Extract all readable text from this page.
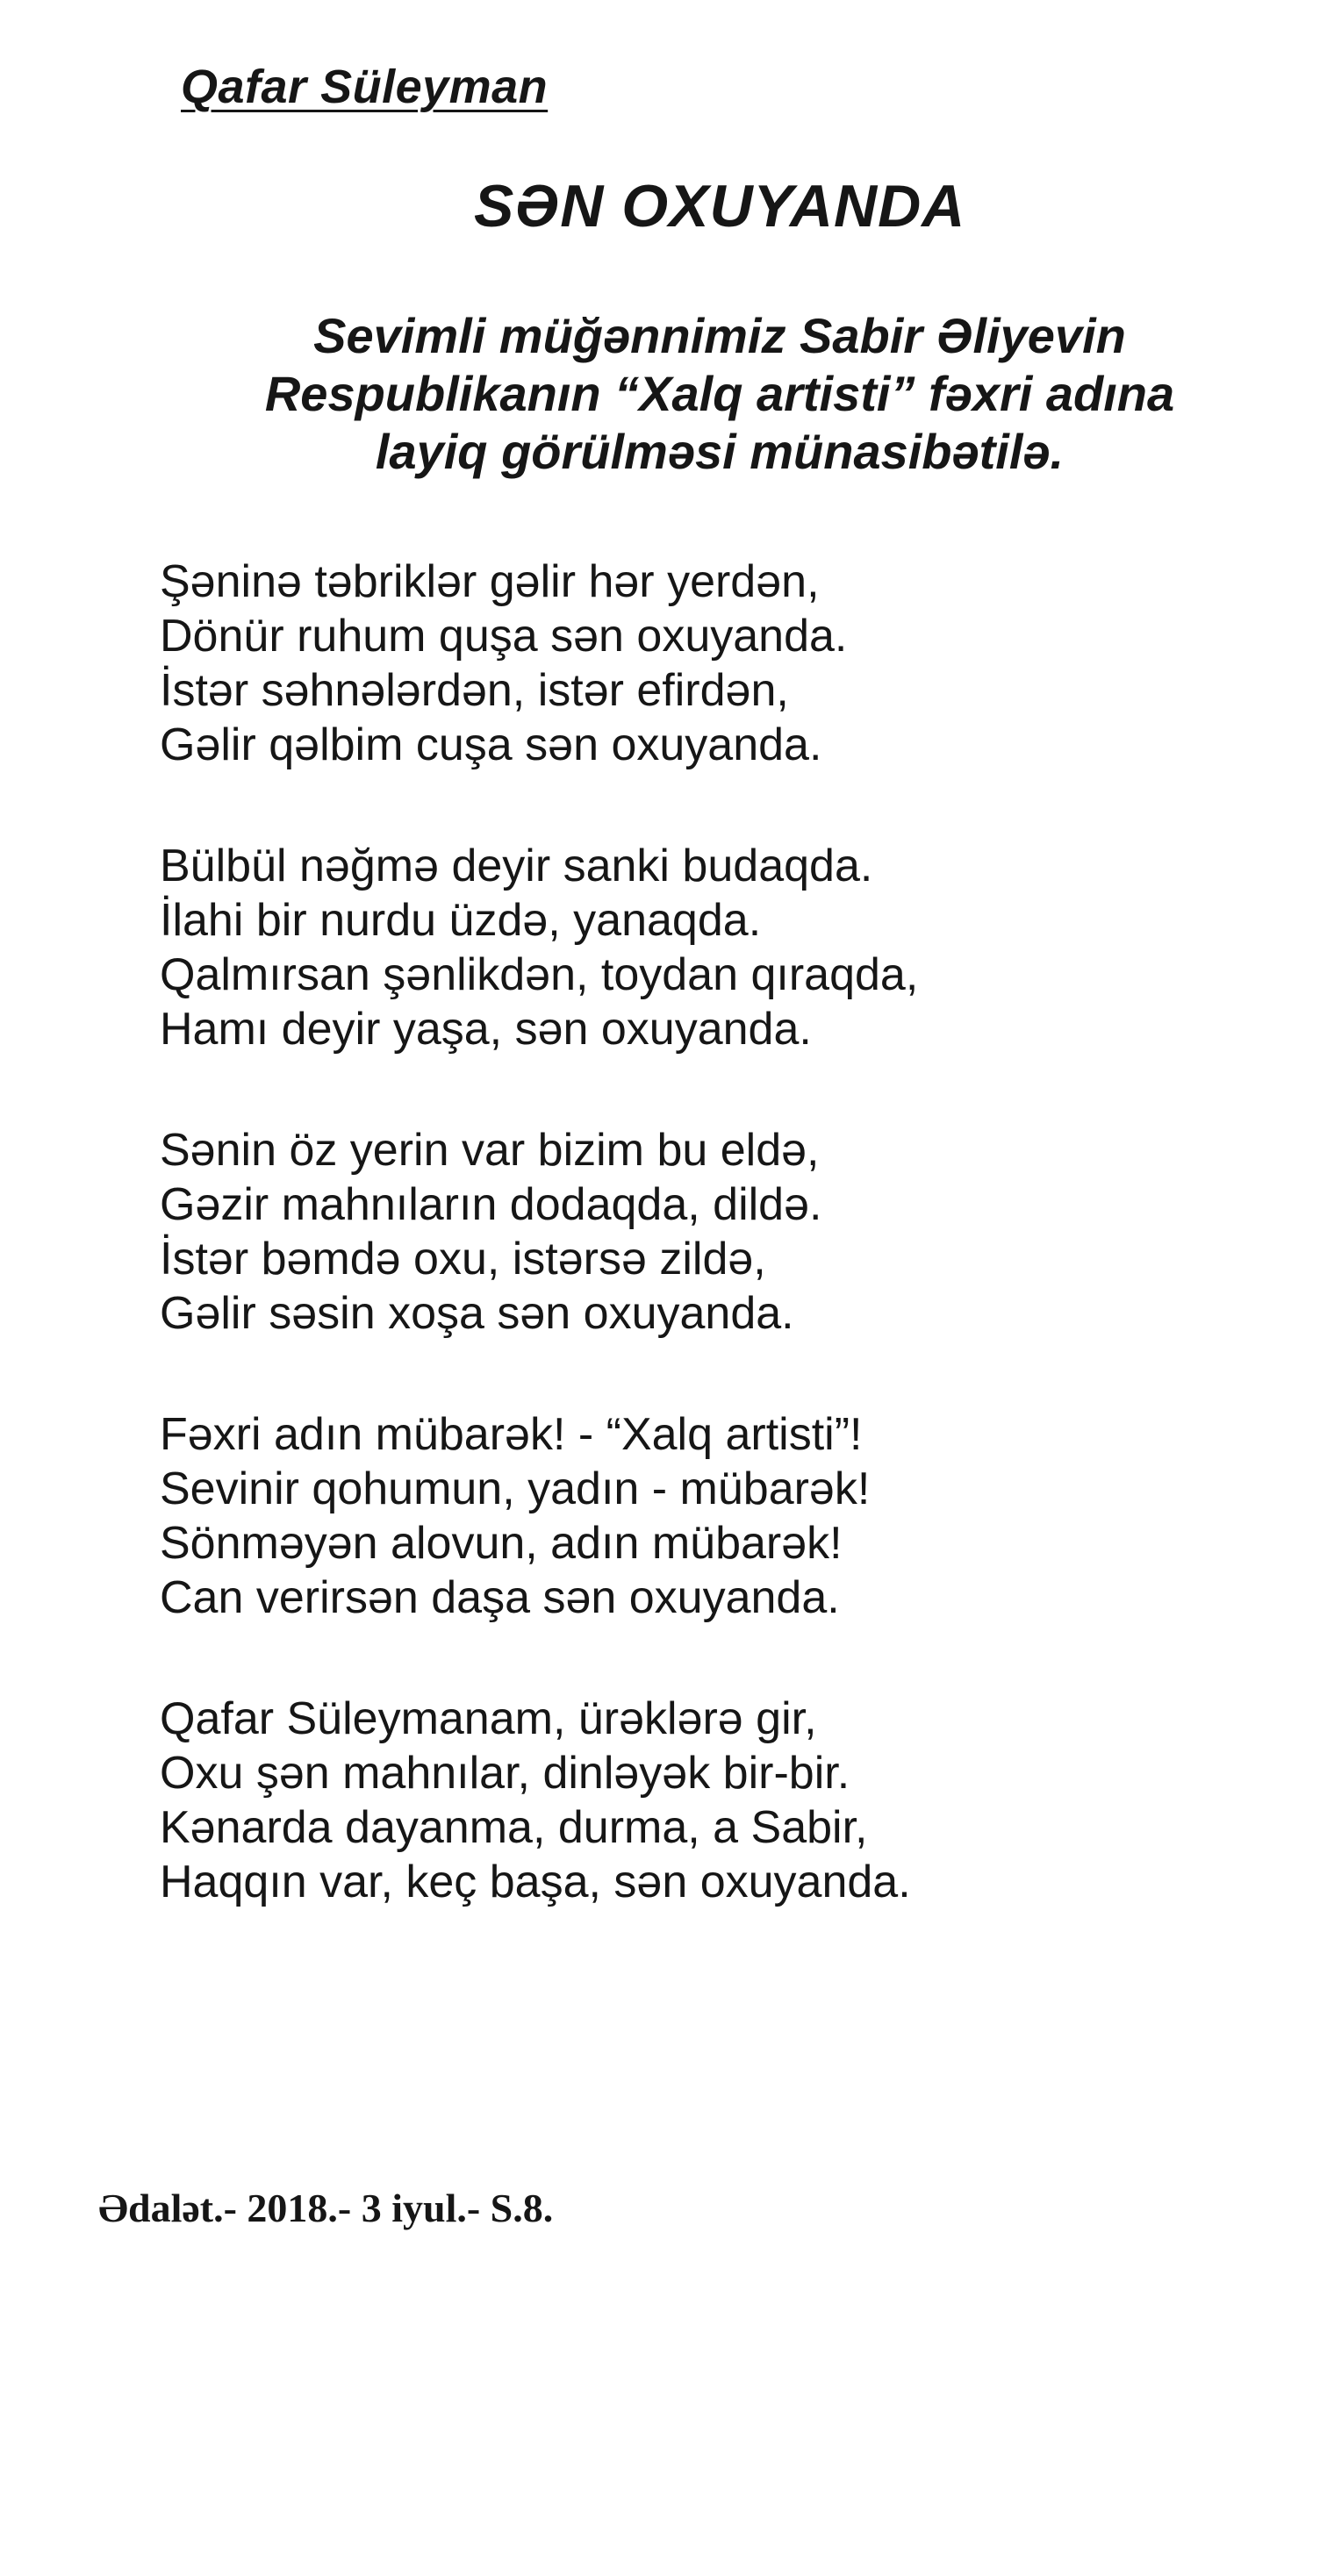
Qafar Süleyman
SƏN OXUYANDA
Sevimli müğənnimiz Sabir Əliyevin
Respublikanın “Xalq artisti” fəxri adına
layiq görülməsi münasibətilə.
Şəninə təbriklər gəlir hər yerdən,
Dönür ruhum quşa sən oxuyanda.
İstər səhnələrdən, istər efirdən,
Gəlir qəlbim cuşa sən oxuyanda.
Bülbül nəğmə deyir sanki budaqda.
İlahi bir nurdu üzdə, yanaqda.
Qalmırsan şənlikdən, toydan qıraqda,
Hamı deyir yaşa, sən oxuyanda.
Sənin öz yerin var bizim bu eldə,
Gəzir mahnıların dodaqda, dildə.
İstər bəmdə oxu, istərsə zildə,
Gəlir səsin xoşa sən oxuyanda.
Fəxri adın mübarək! - “Xalq artisti”!
Sevinir qohumun, yadın - mübarək!
Sönməyən alovun, adın mübarək!
Can verirsən daşa sən oxuyanda.
Qafar Süleymanam, ürəklərə gir,
Oxu şən mahnılar, dinləyək bir-bir.
Kənarda dayanma, durma, a Sabir,
Haqqın var, keç başa, sən oxuyanda.
Ədalət.- 2018.- 3 iyul.- S.8.
